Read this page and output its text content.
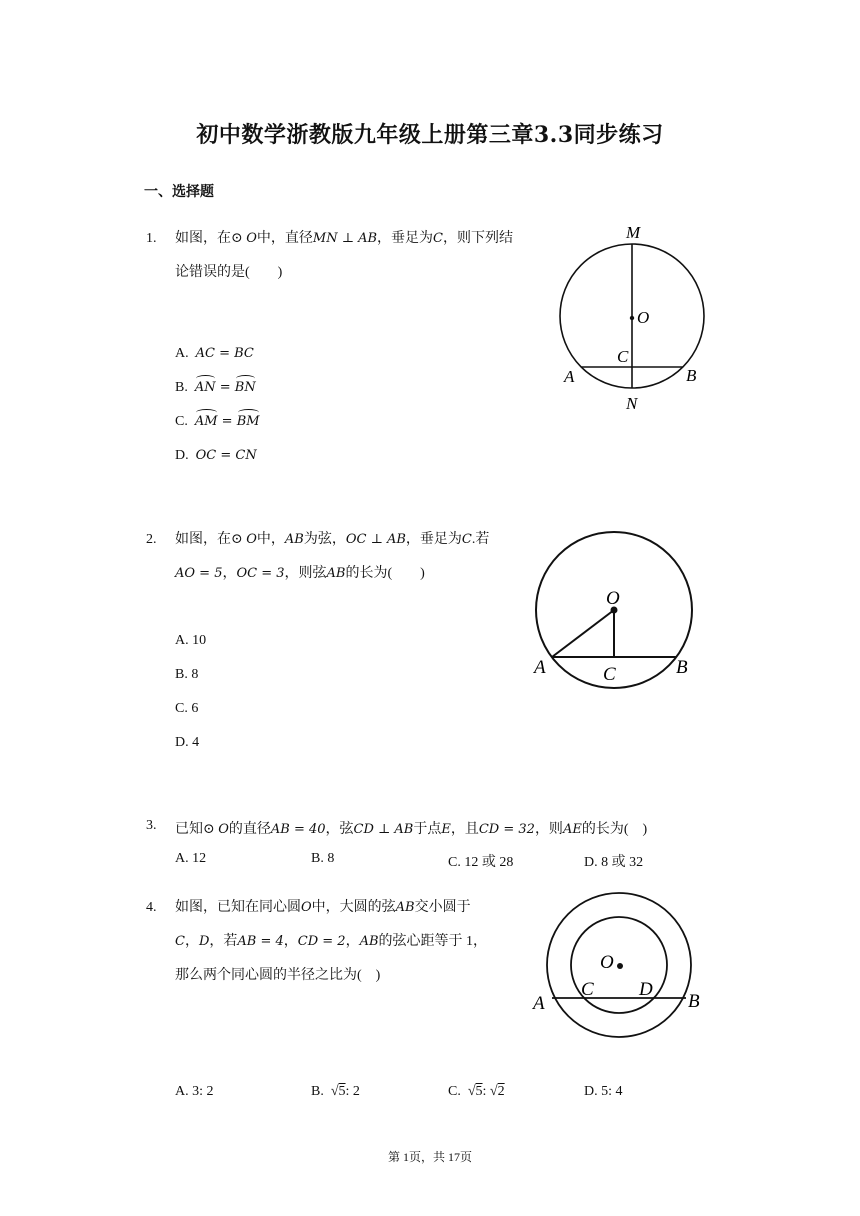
初中数学浙教版九年级上册第三章3.3同步练习
一、选择题
1. 如图，在⊙ O中，直径MN ⊥ AB，垂足为C，则下列结
论错误的是(　　)
A. AC = BC
B. AN = BN
C. AM = BM
D. OC = CN
M
O
C
A	B
N
2. 如图，在⊙ O中，AB为弦，OC ⊥ AB，垂足为C.若
AO = 5，OC = 3，则弦AB的长为(　　)
A. 10
B. 8
C. 6
D. 4
O
A	C	B
3. 已知⊙ O的直径AB = 40，弦CD ⊥ AB于点E，且CD = 32，则AE的长为(　)
A. 12	B. 8	C. 12 或 28	D. 8 或 32
4. 如图，已知在同心圆O中，大圆的弦AB交小圆于
C，D，若AB = 4，CD = 2，AB的弦心距等于 1，
那么两个同心圆的半径之比为(　)
O
A
C D
B
A. 3: 2	B. √5: 2	C. √5: √2	D. 5: 4
第 1页，共 17页
